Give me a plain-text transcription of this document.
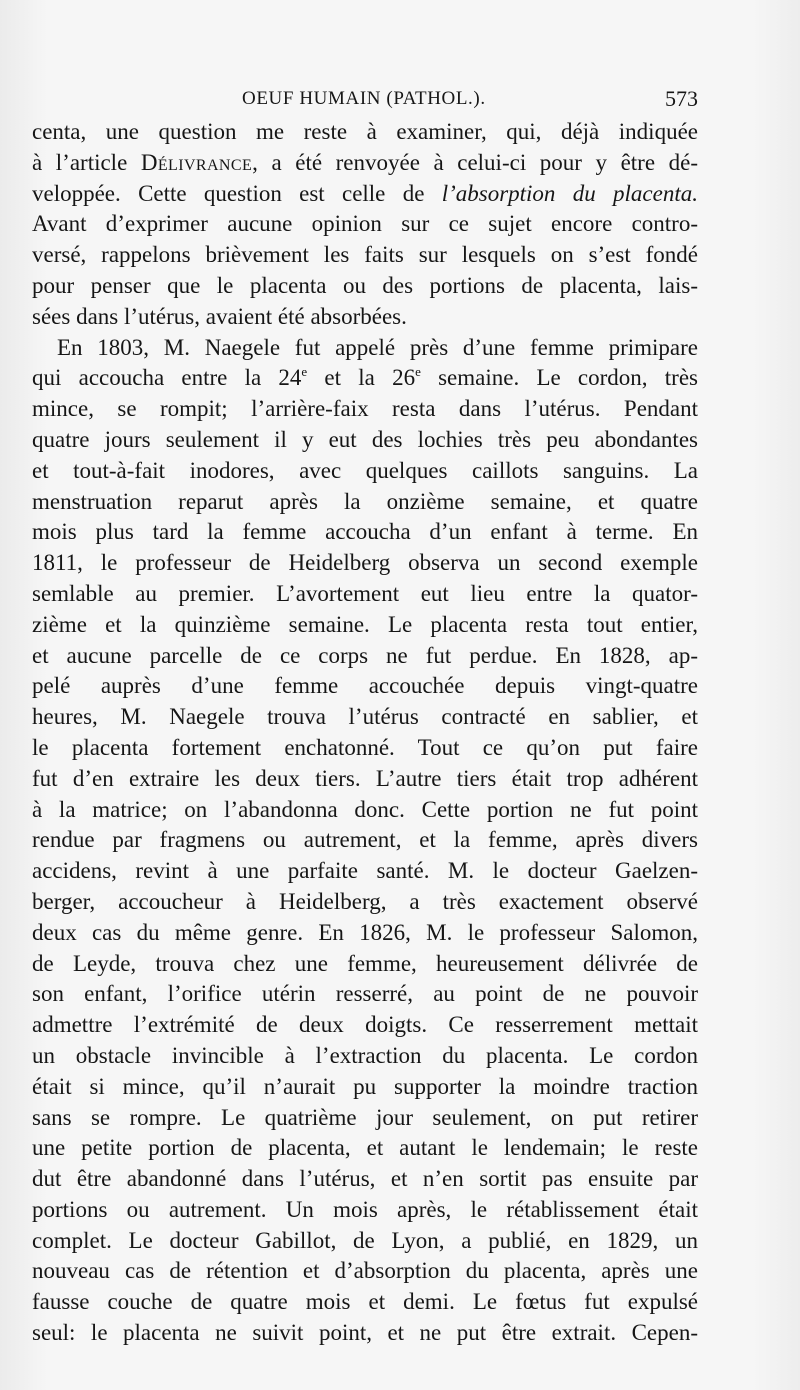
OEUF HUMAIN (PATHOL.).	573
centa, une question me reste à examiner, qui, déjà indiquée
à l’article Délivrance, a été renvoyée à celui-ci pour y être dé-
veloppée. Cette question est celle de l’absorption du placenta.
Avant d’exprimer aucune opinion sur ce sujet encore contro-
versé, rappelons brièvement les faits sur lesquels on s’est fondé
pour penser que le placenta ou des portions de placenta, lais-
sées dans l’utérus, avaient été absorbées.
En 1803, M. Naegele fut appelé près d’une femme primipare
qui accoucha entre la 24e et la 26e semaine. Le cordon, très
mince, se rompit; l’arrière-faix resta dans l’utérus. Pendant
quatre jours seulement il y eut des lochies très peu abondantes
et tout-à-fait inodores, avec quelques caillots sanguins. La
menstruation reparut après la onzième semaine, et quatre
mois plus tard la femme accoucha d’un enfant à terme. En
1811, le professeur de Heidelberg observa un second exemple
semlable au premier. L’avortement eut lieu entre la quator-
zième et la quinzième semaine. Le placenta resta tout entier,
et aucune parcelle de ce corps ne fut perdue. En 1828, ap-
pelé auprès d’une femme accouchée depuis vingt-quatre
heures, M. Naegele trouva l’utérus contracté en sablier, et
le placenta fortement enchatonné. Tout ce qu’on put faire
fut d’en extraire les deux tiers. L’autre tiers était trop adhérent
à la matrice; on l’abandonna donc. Cette portion ne fut point
rendue par fragmens ou autrement, et la femme, après divers
accidens, revint à une parfaite santé. M. le docteur Gaelzen-
berger, accoucheur à Heidelberg, a très exactement observé
deux cas du même genre. En 1826, M. le professeur Salomon,
de Leyde, trouva chez une femme, heureusement délivrée de
son enfant, l’orifice utérin resserré, au point de ne pouvoir
admettre l’extrémité de deux doigts. Ce resserrement mettait
un obstacle invincible à l’extraction du placenta. Le cordon
était si mince, qu’il n’aurait pu supporter la moindre traction
sans se rompre. Le quatrième jour seulement, on put retirer
une petite portion de placenta, et autant le lendemain; le reste
dut être abandonné dans l’utérus, et n’en sortit pas ensuite par
portions ou autrement. Un mois après, le rétablissement était
complet. Le docteur Gabillot, de Lyon, a publié, en 1829, un
nouveau cas de rétention et d’absorption du placenta, après une
fausse couche de quatre mois et demi. Le fœtus fut expulsé
seul: le placenta ne suivit point, et ne put être extrait. Cepen-
